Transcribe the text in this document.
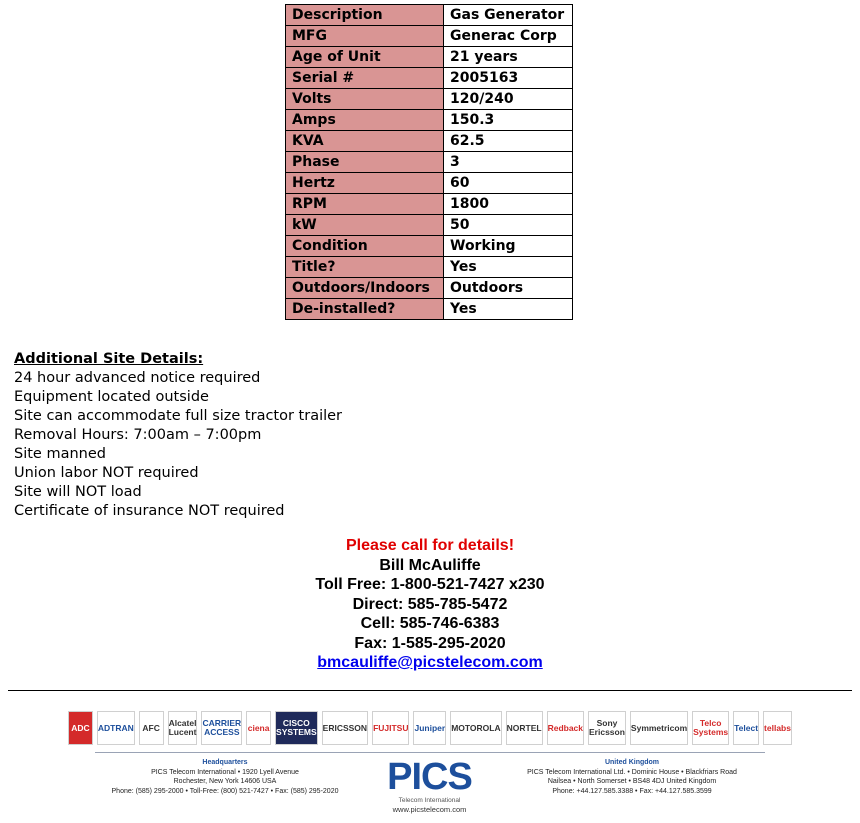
Description	Gas Generator
MFG	Generac Corp
Age of Unit	21 years
Serial #	2005163
Volts	120/240
Amps	150.3
KVA	62.5
Phase	3
Hertz	60
RPM	1800
kW	50
Condition	Working
Title?	Yes
Outdoors/Indoors	Outdoors
De-installed?	Yes
Additional Site Details:
24 hour advanced notice required
Equipment located outside
Site can accommodate full size tractor trailer
Removal Hours: 7:00am – 7:00pm
Site manned
Union labor NOT required
Site will NOT load
Certificate of insurance NOT required
Please call for details!
Bill McAuliffe
Toll Free: 1-800-521-7427 x230
Direct: 585-785-5472
Cell: 585-746-6383
Fax: 1-585-295-2020
bmcauliffe@picstelecom.com
ADC ADTRAN	AFC	Alcatel Lucent
CARRIER ACCESS ciena	CISCO SYSTEMS ERICSSON FUJITSU Juniper MOTOROLA NORTEL Redback	Sony Ericsson Symmetricom	Telco Systems Telect tellabs
Headquarters
PICS Telecom International • 1920 Lyell Avenue
Rochester, New York 14606 USA
Phone: (585) 295-2000 • Toll-Free: (800) 521-7427 • Fax: (585) 295-2020	PICS
Telecom International
www.picstelecom.com
United Kingdom
PICS Telecom International Ltd. • Dominic House • Blackfriars Road
Nailsea • North Somerset • BS48 4DJ United Kingdom
Phone: +44.127.585.3388 • Fax: +44.127.585.3599
